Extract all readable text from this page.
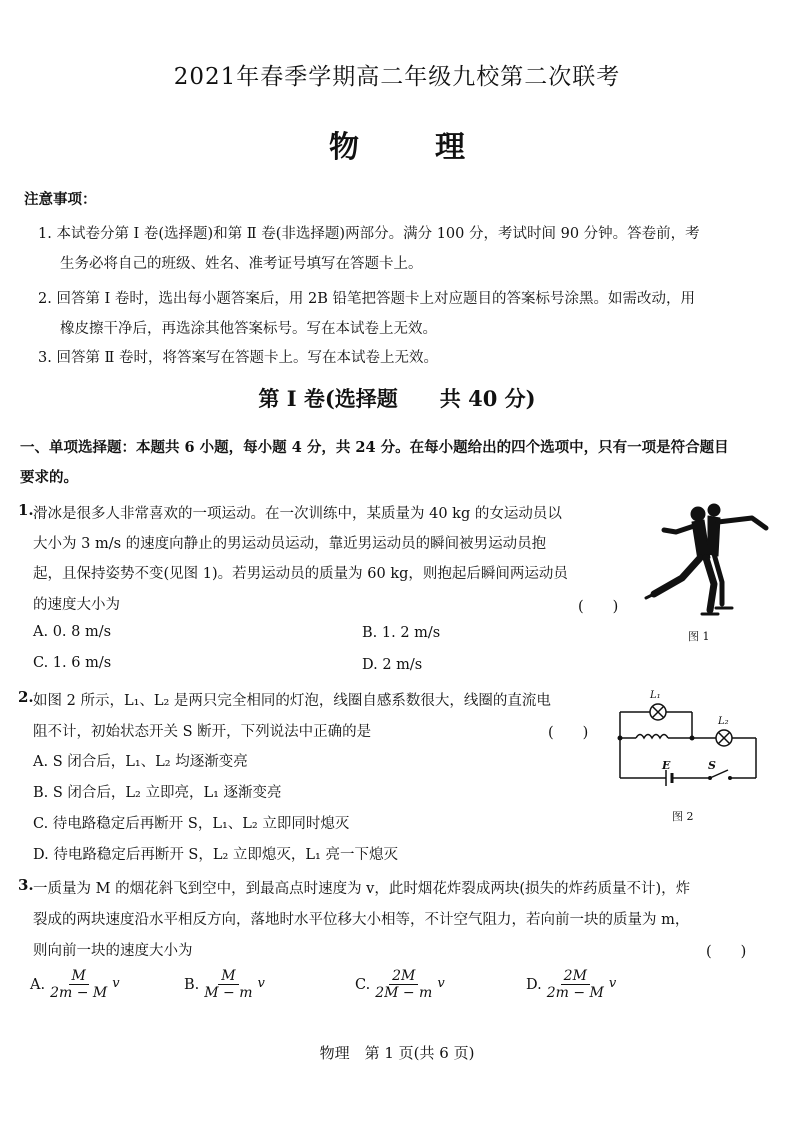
2021年春季学期高二年级九校第二次联考
物	理
注意事项：
1. 本试卷分第 Ⅰ 卷(选择题)和第 Ⅱ 卷(非选择题)两部分。满分 100 分，考试时间 90 分钟。答卷前，考
生务必将自己的班级、姓名、准考证号填写在答题卡上。
2. 回答第 Ⅰ 卷时，选出每小题答案后，用 2B 铅笔把答题卡上对应题目的答案标号涂黑。如需改动，用
橡皮擦干净后，再选涂其他答案标号。写在本试卷上无效。
3. 回答第 Ⅱ 卷时，将答案写在答题卡上。写在本试卷上无效。
第 Ⅰ 卷(选择题　　共 40 分)
一、单项选择题：本题共 6 小题，每小题 4 分，共 24 分。在每小题给出的四个选项中，只有一项是符合题目
要求的。
1. 滑冰是很多人非常喜欢的一项运动。在一次训练中，某质量为 40 kg 的女运动员以
大小为 3 m/s 的速度向静止的男运动员运动，靠近男运动员的瞬间被男运动员抱
起，且保持姿势不变(见图 1)。若男运动员的质量为 60 kg，则抱起后瞬间两运动员
的速度大小为	(　　)
A. 0. 8 m/s	B. 1. 2 m/s
C. 1. 6 m/s	D. 2 m/s
图 1
2. 如图 2 所示，L₁、L₂ 是两只完全相同的灯泡，线圈自感系数很大，线圈的直流电
阻不计，初始状态开关 S 断开，下列说法中正确的是	(　　)
A. S 闭合后，L₁、L₂ 均逐渐变亮
B. S 闭合后，L₂ 立即亮，L₁ 逐渐变亮
C. 待电路稳定后再断开 S，L₁、L₂ 立即同时熄灭
D. 待电路稳定后再断开 S，L₂ 立即熄灭，L₁ 亮一下熄灭
L₁
L₂
E	S
图 2
3. 一质量为 M 的烟花斜飞到空中，到最高点时速度为 v，此时烟花炸裂成两块(损失的炸药质量不计)，炸
裂成的两块速度沿水平相反方向，落地时水平位移大小相等，不计空气阻力，若向前一块的质量为 m，
则向前一块的速度大小为	(　　)
A. $\frac{M}{2m - M}$ v	B. $\frac{M}{M - m}$ v	C. $\frac{2M}{2M - m}$ v	D. $\frac{2M}{2m - M}$ v
物理　第 1 页(共 6 页)
